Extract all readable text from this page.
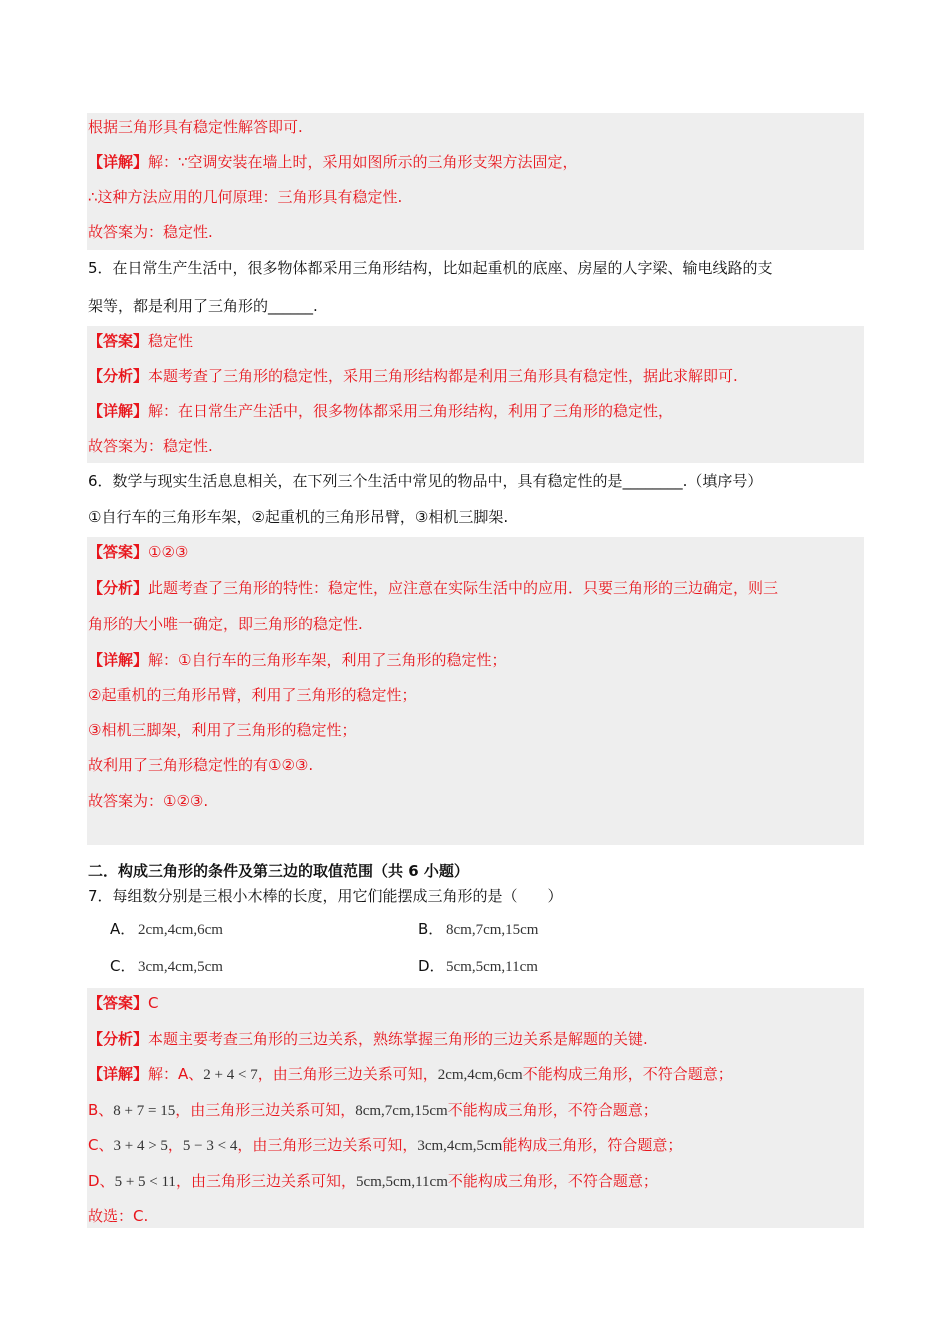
根据三角形具有稳定性解答即可.
【详解】解：∵空调安装在墙上时，采用如图所示的三角形支架方法固定，
∴这种方法应用的几何原理：三角形具有稳定性.
故答案为：稳定性.
5．在日常生产生活中，很多物体都采用三角形结构，比如起重机的底座、房屋的人字梁、输电线路的支
架等，都是利用了三角形的______.
【答案】稳定性
【分析】本题考查了三角形的稳定性，采用三角形结构都是利用三角形具有稳定性，据此求解即可.
【详解】解：在日常生产生活中，很多物体都采用三角形结构，利用了三角形的稳定性，
故答案为：稳定性.
6．数学与现实生活息息相关，在下列三个生活中常见的物品中，具有稳定性的是________.（填序号）
①自行车的三角形车架，②起重机的三角形吊臂，③相机三脚架.
【答案】①②③
【分析】此题考查了三角形的特性：稳定性，应注意在实际生活中的应用．只要三角形的三边确定，则三
角形的大小唯一确定，即三角形的稳定性.
【详解】解：①自行车的三角形车架，利用了三角形的稳定性；
②起重机的三角形吊臂，利用了三角形的稳定性；
③相机三脚架，利用了三角形的稳定性；
故利用了三角形稳定性的有①②③.
故答案为：①②③.
二．构成三角形的条件及第三边的取值范围（共 6 小题）
7．每组数分别是三根小木棒的长度，用它们能摆成三角形的是（　　）
A． 2cm,4cm,6cm	B． 8cm,7cm,15cm
C． 3cm,4cm,5cm	D．5cm,5cm,11cm
【答案】C
【分析】本题主要考查三角形的三边关系，熟练掌握三角形的三边关系是解题的关键.
【详解】解：A、2 + 4 < 7，由三角形三边关系可知，2cm,4cm,6cm不能构成三角形，不符合题意；
B、8 + 7 = 15，由三角形三边关系可知，8cm,7cm,15cm不能构成三角形，不符合题意；
C、3 + 4 > 5，5 − 3 < 4，由三角形三边关系可知，3cm,4cm,5cm能构成三角形，符合题意；
D、5 + 5 < 11，由三角形三边关系可知，5cm,5cm,11cm不能构成三角形，不符合题意；
故选：C.
